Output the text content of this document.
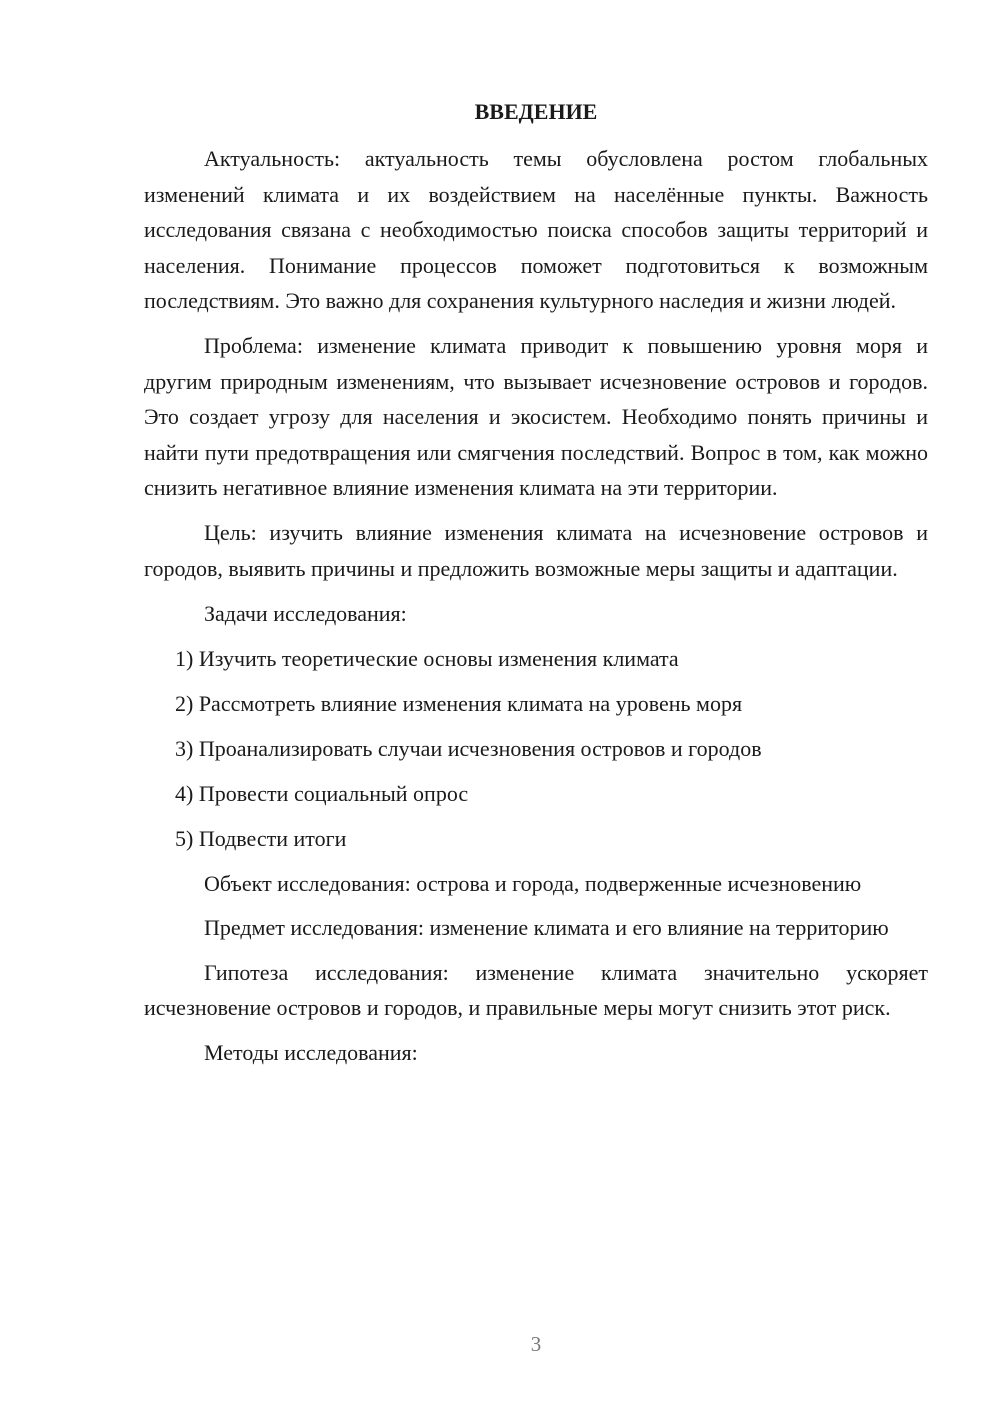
ВВЕДЕНИЕ

Актуальность: актуальность темы обусловлена ростом глобальных изменений климата и их воздействием на населённые пункты. Важность исследования связана с необходимостью поиска способов защиты территорий и населения. Понимание процессов поможет подготовиться к возможным последствиям. Это важно для сохранения культурного наследия и жизни людей.

Проблема: изменение климата приводит к повышению уровня моря и другим природным изменениям, что вызывает исчезновение островов и городов. Это создает угрозу для населения и экосистем. Необходимо понять причины и найти пути предотвращения или смягчения последствий. Вопрос в том, как можно снизить негативное влияние изменения климата на эти территории.

Цель: изучить влияние изменения климата на исчезновение островов и городов, выявить причины и предложить возможные меры защиты и адаптации.

Задачи исследования:

1) Изучить теоретические основы изменения климата
2) Рассмотреть влияние изменения климата на уровень моря
3) Проанализировать случаи исчезновения островов и городов
4) Провести социальный опрос
5) Подвести итоги

Объект исследования: острова и города, подверженные исчезновению

Предмет исследования: изменение климата и его влияние на территорию

Гипотеза исследования: изменение климата значительно ускоряет исчезновение островов и городов, и правильные меры могут снизить этот риск.

Методы исследования:

3
